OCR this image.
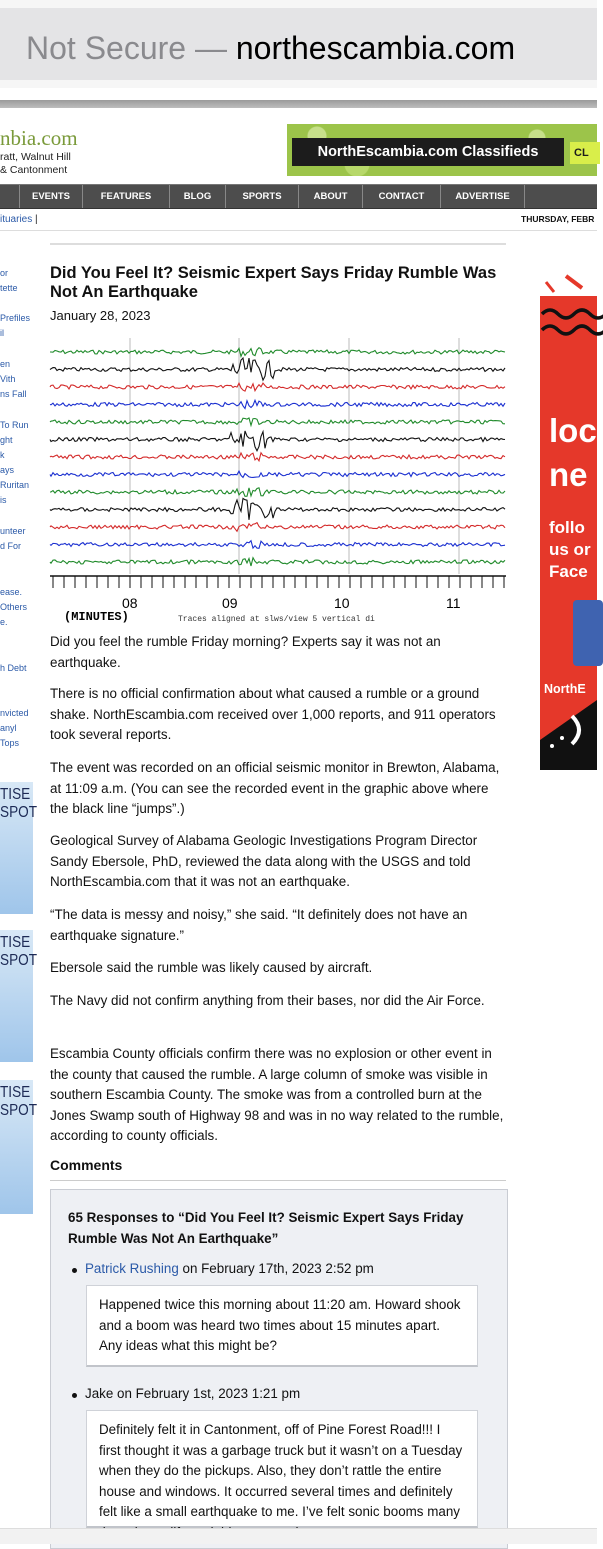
Not Secure — northescambia.com
nbia.com
ratt, Walnut Hill
& Cantonment
NorthEscambia.com Classifieds	CL
EVENTS	FEATURES	BLOG	SPORTS	ABOUT	CONTACT	ADVERTISE
ituaries |	THURSDAY, FEBR
or
tette
Prefiles
il
en
Vith
ns Fall
To Run
ght
k
ays
Ruritan
is
unteer
d For
ease.
Others
e.
h Debt
nvicted
anyl
Tops
TISE
SPOT
TISE
SPOT
TISE
SPOT
Did You Feel It? Seismic Expert Says Friday Rumble Was Not An Earthquake
January 28, 2023
08	09	10	11
(MINUTES)	Traces aligned at slws/view 5 vertical di
Did you feel the rumble Friday morning? Experts say it was not an earthquake.
There is no official confirmation about what caused a rumble or a ground shake. NorthEscambia.com received over 1,000 reports, and 911 operators took several reports.
The event was recorded on an official seismic monitor in Brewton, Alabama, at 11:09 a.m. (You can see the recorded event in the graphic above where the black line “jumps”.)
Geological Survey of Alabama Geologic Investigations Program Director Sandy Ebersole, PhD, reviewed the data along with the USGS and told NorthEscambia.com that it was not an earthquake.
“The data is messy and noisy,” she said. “It definitely does not have an earthquake signature.”
Ebersole said the rumble was likely caused by aircraft.
The Navy did not confirm anything from their bases, nor did the Air Force.
Escambia County officials confirm there was no explosion or other event in the county that caused the rumble. A large column of smoke was visible in southern Escambia County. The smoke was from a controlled burn at the Jones Swamp south of Highway 98 and was in no way related to the rumble, according to county officials.
Comments
65 Responses to “Did You Feel It? Seismic Expert Says Friday Rumble Was Not An Earthquake”
Patrick Rushing on February 17th, 2023 2:52 pm
Happened twice this morning about 11:20 am. Howard shook and a boom was heard two times about 15 minutes apart. Any ideas what this might be?
Jake on February 1st, 2023 1:21 pm
Definitely felt it in Cantonment, off of Pine Forest Road!!! I first thought it was a garbage truck but it wasn’t on a Tuesday when they do the pickups. Also, they don’t rattle the entire house and windows. It occurred several times and definitely felt like a small earthquake to me. I’ve felt sonic booms many
loc
ne
follo
us or
Face
NorthE
